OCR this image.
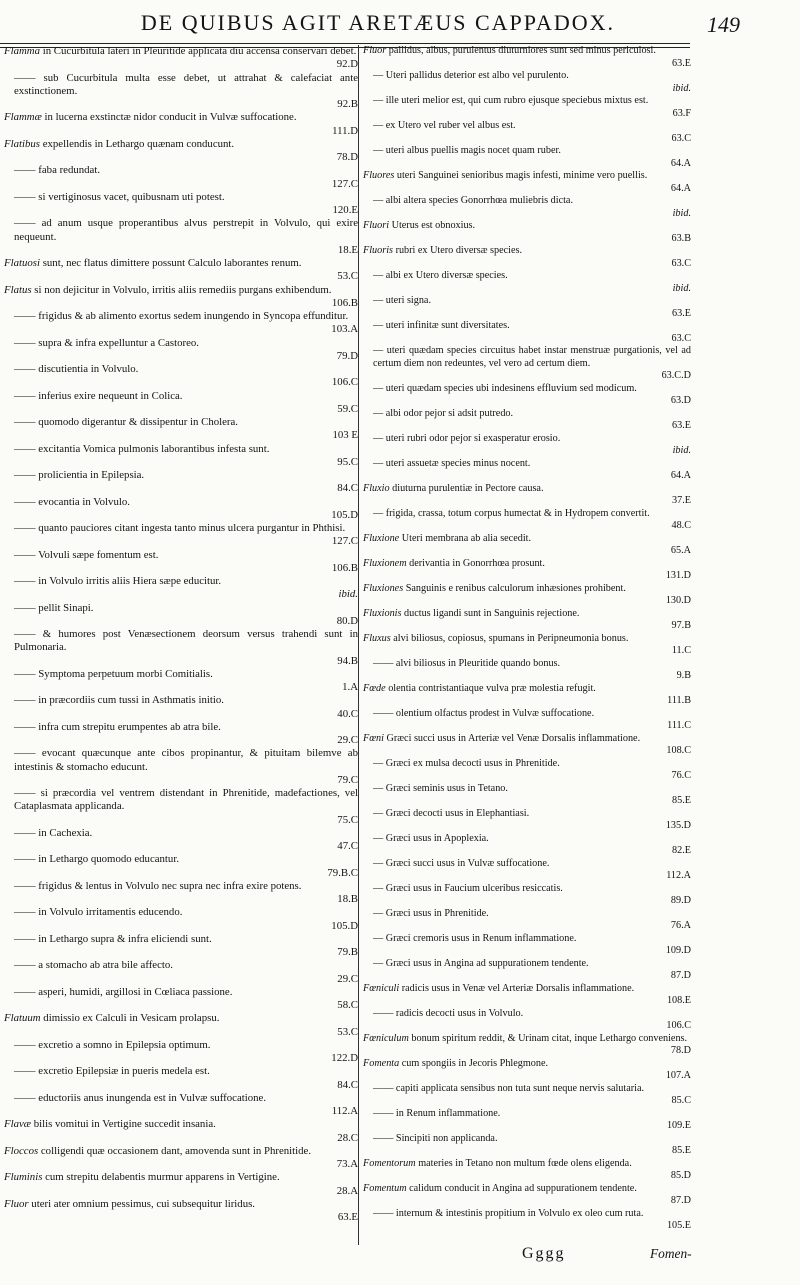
DE QUIBUS AGIT ARETÆUS CAPPADOX.	149
Flamma in Cucurbitula lateri in Pleuritide applicata diu accensa conservari debet.
92.D
—— sub Cucurbitula multa esse debet, ut attrahat & calefaciat ante exstinctionem.
92.B
Flammæ in lucerna exstinctæ nidor conducit in Vulvæ suffocatione.
111.D
Flatibus expellendis in Lethargo quænam conducunt.
78.D
—— faba redundat.
127.C
—— si vertiginosus vacet, quibusnam uti potest.
120.E
—— ad anum usque properantibus alvus perstrepit in Volvulo, qui exire nequeunt.
18.E
Flatuosi sunt, nec flatus dimittere possunt Calculo laborantes renum.
53.C
Flatus si non dejicitur in Volvulo, irritis aliis remediis purgans exhibendum.
106.B
—— frigidus & ab alimento exortus sedem inungendo in Syncopa effunditur.
103.A
—— supra & infra expelluntur a Castoreo.
79.D
—— discutientia in Volvulo.
106.C
—— inferius exire nequeunt in Colica.
59.C
—— quomodo digerantur & dissipentur in Cholera.
103 E
—— excitantia Vomica pulmonis laborantibus infesta sunt.
95.C
—— prolicientia in Epilepsia.
84.C
—— evocantia in Volvulo.
105.D
—— quanto pauciores citant ingesta tanto minus ulcera purgantur in Phthisi.
127.C
—— Volvuli sæpe fomentum est.
106.B
—— in Volvulo irritis aliis Hiera sæpe educitur.
ibid.
—— pellit Sinapi.
80.D
—— & humores post Venæsectionem deorsum versus trahendi sunt in Pulmonaria.
94.B
—— Symptoma perpetuum morbi Comitialis.
1.A
—— in præcordiis cum tussi in Asthmatis initio.
40.C
—— infra cum strepitu erumpentes ab atra bile.
29.C
—— evocant quæcunque ante cibos propinantur, & pituitam bilemve ab intestinis & stomacho educunt.
79.C
—— si præcordia vel ventrem distendant in Phrenitide, madefactiones, vel Cataplasmata applicanda.
75.C
—— in Cachexia.
47.C
—— in Lethargo quomodo educantur.
79.B.C
—— frigidus & lentus in Volvulo nec supra nec infra exire potens.
18.B
—— in Volvulo irritamentis educendo.
105.D
—— in Lethargo supra & infra eliciendi sunt.
79.B
—— a stomacho ab atra bile affecto.
29.C
—— asperi, humidi, argillosi in Cœliaca passione.
58.C
Flatuum dimissio ex Calculi in Vesicam prolapsu.
53.C
—— excretio a somno in Epilepsia optimum.
122.D
—— excretio Epilepsiæ in pueris medela est.
84.C
—— eductoriis anus inungenda est in Vulvæ suffocatione.
112.A
Flavæ bilis vomitui in Vertigine succedit insania.
28.C
Floccos colligendi quæ occasionem dant, amovenda sunt in Phrenitide.
73.A
Fluminis cum strepitu delabentis murmur apparens in Vertigine.
28.A
Fluor uteri ater omnium pessimus, cui subsequitur liridus.
63.E
Fluor pallidus, albus, purulentus diuturniores sunt sed minus periculosi.
63.E
— Uteri pallidus deterior est albo vel purulento.
ibid.
— ille uteri melior est, qui cum rubro ejusque speciebus mixtus est.
63.F
— ex Utero vel ruber vel albus est.
63.C
— uteri albus puellis magis nocet quam ruber.
64.A
Fluores uteri Sanguinei senioribus magis infesti, minime vero puellis.
64.A
— albi altera species Gonorrhœa muliebris dicta.
ibid.
Fluori Uterus est obnoxius.
63.B
Fluoris rubri ex Utero diversæ species.
63.C
— albi ex Utero diversæ species.
ibid.
— uteri signa.
63.E
— uteri infinitæ sunt diversitates.
63.C
— uteri quædam species circuitus habet instar menstruæ purgationis, vel ad certum diem non redeuntes, vel vero ad certum diem.
63.C.D
— uteri quædam species ubi indesinens effluvium sed modicum.
63.D
— albi odor pejor si adsit putredo.
63.E
— uteri rubri odor pejor si exasperatur erosio.
ibid.
— uteri assuetæ species minus nocent.
64.A
Fluxio diuturna purulentiæ in Pectore causa.
37.E
— frigida, crassa, totum corpus humectat & in Hydropem convertit.
48.C
Fluxione Uteri membrana ab alia secedit.
65.A
Fluxionem derivantia in Gonorrhœa prosunt.
131.D
Fluxiones Sanguinis e renibus calculorum inhæsiones prohibent.
130.D
Fluxionis ductus ligandi sunt in Sanguinis rejectione.
97.B
Fluxus alvi biliosus, copiosus, spumans in Peripneumonia bonus.
11.C
—— alvi biliosus in Pleuritide quando bonus.
9.B
Fœde olentia contristantiaque vulva præ molestia refugit.
111.B
—— olentium olfactus prodest in Vulvæ suffocatione.
111.C
Fœni Græci succi usus in Arteriæ vel Venæ Dorsalis inflammatione.
108.C
— Græci ex mulsa decocti usus in Phrenitide.
76.C
— Græci seminis usus in Tetano.
85.E
— Græci decocti usus in Elephantiasi.
135.D
— Græci usus in Apoplexia.
82.E
— Græci succi usus in Vulvæ suffocatione.
112.A
— Græci usus in Faucium ulceribus resiccatis.
89.D
— Græci usus in Phrenitide.
76.A
— Græci cremoris usus in Renum inflammatione.
109.D
— Græci usus in Angina ad suppurationem tendente.
87.D
Fœniculi radicis usus in Venæ vel Arteriæ Dorsalis inflammatione.
108.E
—— radicis decocti usus in Volvulo.
106.C
Fœniculum bonum spiritum reddit, & Urinam citat, inque Lethargo conveniens.
78.D
Fomenta cum spongiis in Jecoris Phlegmone.
107.A
—— capiti applicata sensibus non tuta sunt neque nervis salutaria.
85.C
—— in Renum inflammatione.
109.E
—— Sincipiti non applicanda.
85.E
Fomentorum materies in Tetano non multum fœde olens eligenda.
85.D
Fomentum calidum conducit in Angina ad suppurationem tendente.
87.D
—— internum & intestinis propitium in Volvulo ex oleo cum ruta.
105.E
Gggg	Fomen-
